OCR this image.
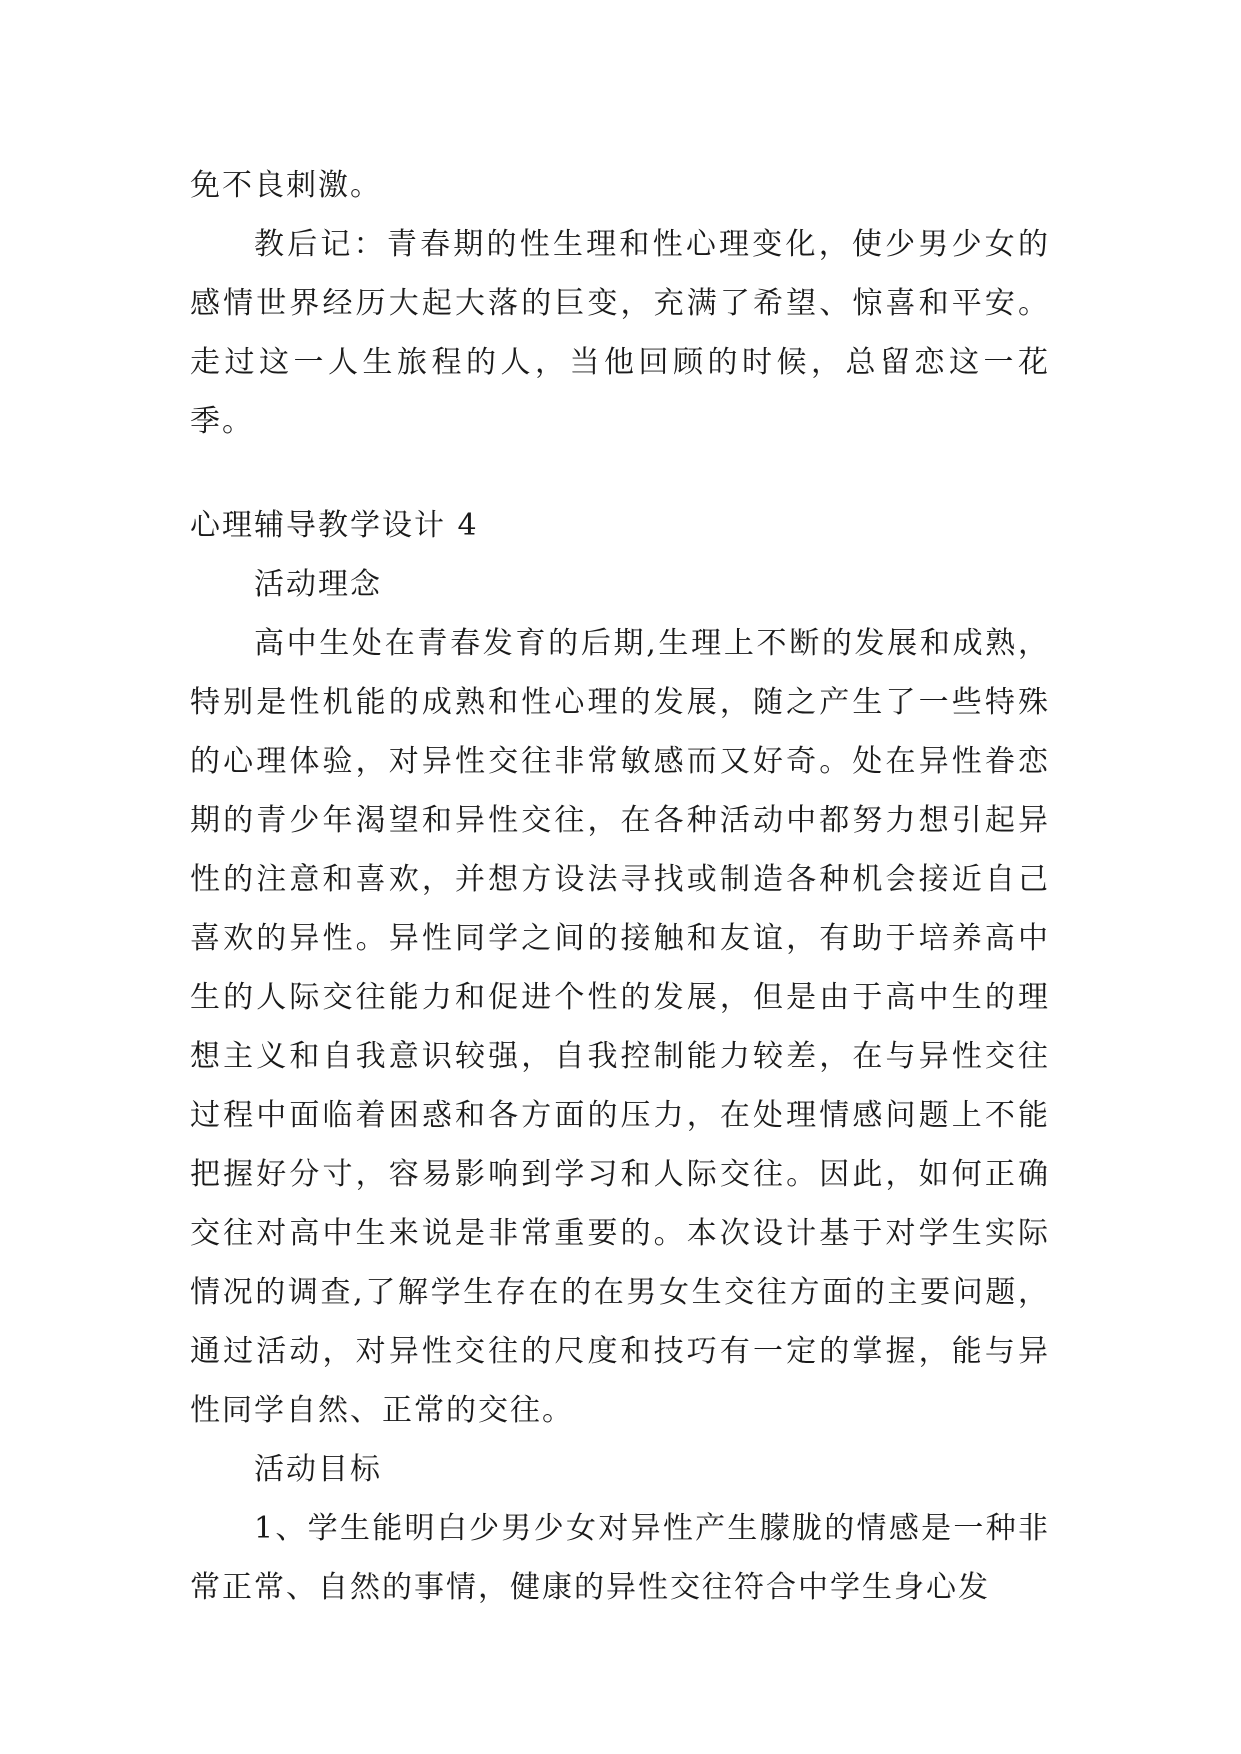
免不良刺激。

教后记：青春期的性生理和性心理变化，使少男少女的感情世界经历大起大落的巨变，充满了希望、惊喜和平安。走过这一人生旅程的人，当他回顾的时候，总留恋这一花季。

心理辅导教学设计 4

活动理念

高中生处在青春发育的后期,生理上不断的发展和成熟，特别是性机能的成熟和性心理的发展，随之产生了一些特殊的心理体验，对异性交往非常敏感而又好奇。处在异性眷恋期的青少年渴望和异性交往，在各种活动中都努力想引起异性的注意和喜欢，并想方设法寻找或制造各种机会接近自己喜欢的异性。异性同学之间的接触和友谊，有助于培养高中生的人际交往能力和促进个性的发展，但是由于高中生的理想主义和自我意识较强，自我控制能力较差，在与异性交往过程中面临着困惑和各方面的压力，在处理情感问题上不能把握好分寸，容易影响到学习和人际交往。因此，如何正确交往对高中生来说是非常重要的。本次设计基于对学生实际情况的调查,了解学生存在的在男女生交往方面的主要问题，通过活动，对异性交往的尺度和技巧有一定的掌握，能与异性同学自然、正常的交往。

活动目标

1、学生能明白少男少女对异性产生朦胧的情感是一种非常正常、自然的事情，健康的异性交往符合中学生身心发
